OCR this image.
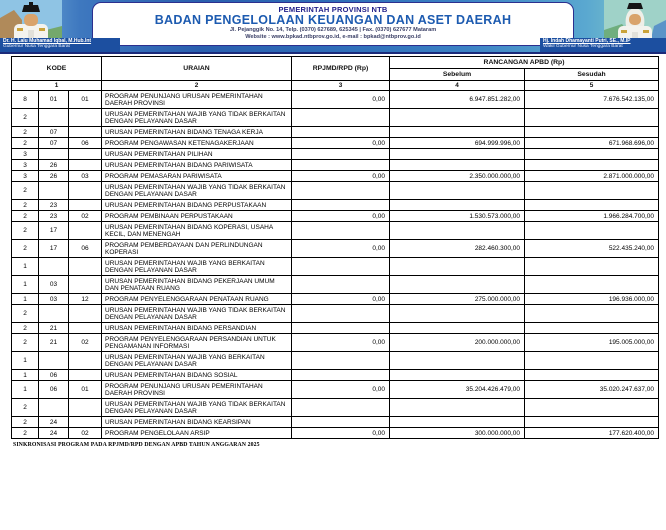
PEMERINTAH PROVINSI NTB
BADAN PENGELOLAAN KEUANGAN DAN ASET DAERAH
Jl. Pejanggik No. 14, Telp. (0370) 627689, 625345 | Fax. (0370) 627677 Mataram
Website : www.bpkad.ntbprov.go.id, e-mail : bpkad@ntbprov.go.id
Dr. H. Lalu Muhamad Iqbal, M.Hub.Int
Gubernur Nusa Tenggara Barat
Hj. Indah Dhamayanti Putri, SE., M.IP
Wakil Gubernur Nusa Tenggara Barat
KODE			URAIAN	RPJMD/RPD (Rp)	RANCANGAN APBD (Rp)	
					Sebelum	Sesudah
1			2	3	4	5
8	01	01	PROGRAM PENUNJANG URUSAN PEMERINTAHAN DAERAH PROVINSI	0,00	6.947.851.282,00	7.676.542.135,00
2			URUSAN PEMERINTAHAN WAJIB YANG TIDAK BERKAITAN DENGAN PELAYANAN DASAR			
2	07		URUSAN PEMERINTAHAN BIDANG TENAGA KERJA			
2	07	06	PROGRAM PENGAWASAN KETENAGAKERJAAN	0,00	694.999.996,00	671.968.696,00
3			URUSAN PEMERINTAHAN PILIHAN			
3	26		URUSAN PEMERINTAHAN BIDANG PARIWISATA			
3	26	03	PROGRAM PEMASARAN PARIWISATA	0,00	2.350.000.000,00	2.871.000.000,00
2			URUSAN PEMERINTAHAN WAJIB YANG TIDAK BERKAITAN DENGAN PELAYANAN DASAR			
2	23		URUSAN PEMERINTAHAN BIDANG PERPUSTAKAAN			
2	23	02	PROGRAM PEMBINAAN PERPUSTAKAAN	0,00	1.530.573.000,00	1.966.284.700,00
2	17		URUSAN PEMERINTAHAN BIDANG KOPERASI, USAHA KECIL, DAN MENENGAH			
2	17	06	PROGRAM PEMBERDAYAAN DAN PERLINDUNGAN KOPERASI	0,00	282.460.300,00	522.435.240,00
1			URUSAN PEMERINTAHAN WAJIB YANG BERKAITAN DENGAN PELAYANAN DASAR			
1	03		URUSAN PEMERINTAHAN BIDANG PEKERJAAN UMUM DAN PENATAAN RUANG			
1	03	12	PROGRAM PENYELENGGARAAN PENATAAN RUANG	0,00	275.000.000,00	196.936.000,00
2			URUSAN PEMERINTAHAN WAJIB YANG TIDAK BERKAITAN DENGAN PELAYANAN DASAR			
2	21		URUSAN PEMERINTAHAN BIDANG PERSANDIAN			
2	21	02	PROGRAM PENYELENGGARAAN PERSANDIAN UNTUK PENGAMANAN INFORMASI	0,00	200.000.000,00	195.005.000,00
1			URUSAN PEMERINTAHAN WAJIB YANG BERKAITAN DENGAN PELAYANAN DASAR			
1	06		URUSAN PEMERINTAHAN BIDANG SOSIAL			
1	06	01	PROGRAM PENUNJANG URUSAN PEMERINTAHAN DAERAH PROVINSI	0,00	35.204.426.479,00	35.020.247.637,00
2			URUSAN PEMERINTAHAN WAJIB YANG TIDAK BERKAITAN DENGAN PELAYANAN DASAR			
2	24		URUSAN PEMERINTAHAN BIDANG KEARSIPAN			
2	24	02	PROGRAM PENGELOLAAN ARSIP	0,00	300.000.000,00	177.620.400,00
SINKRONISASI PROGRAM PADA RPJMD/RPD DENGAN APBD TAHUN ANGGARAN 2025
